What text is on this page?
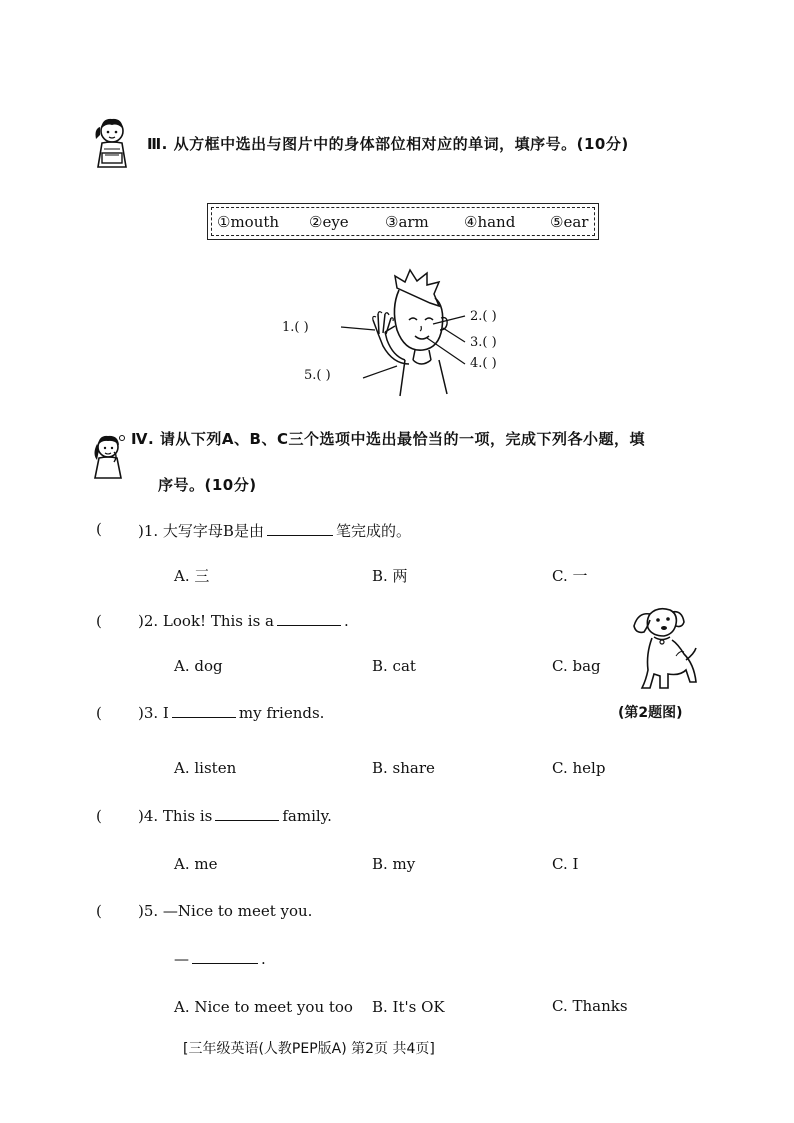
Ⅲ. 从方框中选出与图片中的身体部位相对应的单词，填序号。(10分)
①mouth ②eye ③arm ④hand ⑤ear
1.( )
2.( )
3.( )
4.( )
5.( )
Ⅳ. 请从下列A、B、C三个选项中选出最恰当的一项，完成下列各小题，填
序号。(10分)
( )1. 大写字母B是由	笔完成的。
A. 三	B. 两	C. 一
( )2. Look! This is a	.
A. dog	B. cat	C. bag
(第2题图)
( )3. I	my friends.
A. listen	B. share	C. help
( )4. This is	family.
A. me	B. my	C. I
( )5. —Nice to meet you.
—	.
A. Nice to meet you too B. It's OK	C. Thanks
[三年级英语(人教PEP版A) 第2页 共4页]
